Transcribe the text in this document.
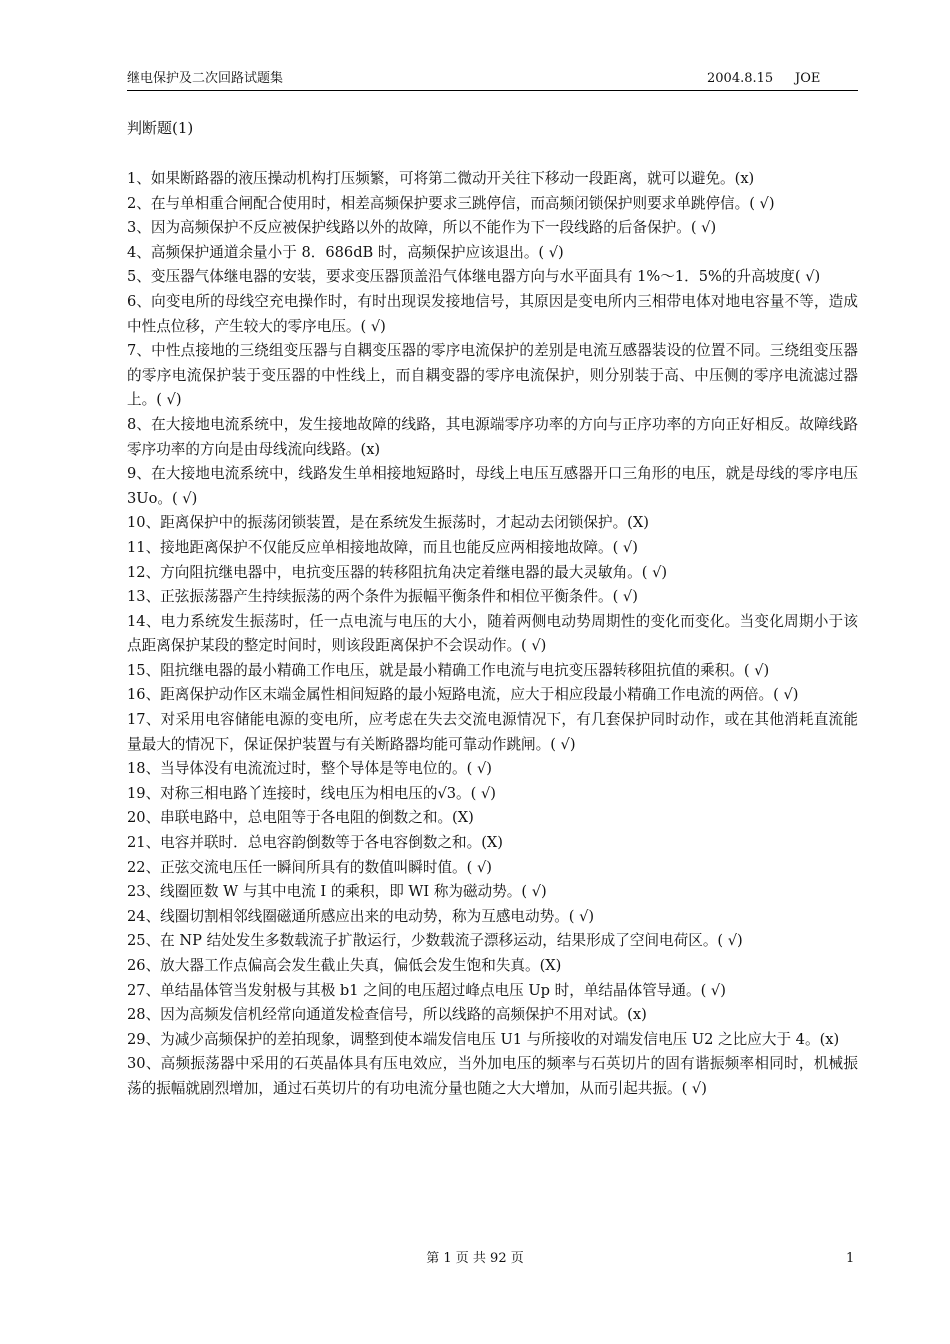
继电保护及二次回路试题集	2004.8.15 JOE
判断题(1)
1、如果断路器的液压操动机构打压频繁，可将第二微动开关往下移动一段距离，就可以避免。(x)
2、在与单相重合闸配合使用时，相差高频保护要求三跳停信，而高频闭锁保护则要求单跳停信。( √)
3、因为高频保护不反应被保护线路以外的故障，所以不能作为下一段线路的后备保护。( √)
4、高频保护通道余量小于 8．686dB 时，高频保护应该退出。( √)
5、变压器气体继电器的安装，要求变压器顶盖沿气体继电器方向与水平面具有 1%～1．5%的升高坡度( √)
6、向变电所的母线空充电操作时，有时出现误发接地信号，其原因是变电所内三相带电体对地电容量不等，造成中性点位移，产生较大的零序电压。( √)
7、中性点接地的三绕组变压器与自耦变压器的零序电流保护的差别是电流互感器装设的位置不同。三绕组变压器的零序电流保护装于变压器的中性线上，而自耦变器的零序电流保护，则分别装于高、中压侧的零序电流滤过器上。( √)
8、在大接地电流系统中，发生接地故障的线路，其电源端零序功率的方向与正序功率的方向正好相反。故障线路零序功率的方向是由母线流向线路。(x)
9、在大接地电流系统中，线路发生单相接地短路时，母线上电压互感器开口三角形的电压，就是母线的零序电压 3Uo。( √)
10、距离保护中的振荡闭锁装置，是在系统发生振荡时，才起动去闭锁保护。(X)
11、接地距离保护不仅能反应单相接地故障，而且也能反应两相接地故障。( √)
12、方向阻抗继电器中，电抗变压器的转移阻抗角决定着继电器的最大灵敏角。( √)
13、正弦振荡器产生持续振荡的两个条件为振幅平衡条件和相位平衡条件。( √)
14、电力系统发生振荡时，任一点电流与电压的大小，随着两侧电动势周期性的变化而变化。当变化周期小于该点距离保护某段的整定时间时，则该段距离保护不会误动作。( √)
15、阻抗继电器的最小精确工作电压，就是最小精确工作电流与电抗变压器转移阻抗值的乘积。( √)
16、距离保护动作区末端金属性相间短路的最小短路电流，应大于相应段最小精确工作电流的两倍。( √)
17、对采用电容储能电源的变电所，应考虑在失去交流电源情况下，有几套保护同时动作，或在其他消耗直流能量最大的情况下，保证保护装置与有关断路器均能可靠动作跳闸。( √)
18、当导体没有电流流过时，整个导体是等电位的。( √)
19、对称三相电路丫连接时，线电压为相电压的√3。( √)
20、串联电路中，总电阻等于各电阻的倒数之和。(X)
21、电容并联时．总电容韵倒数等于各电容倒数之和。(X)
22、正弦交流电压任一瞬间所具有的数值叫瞬时值。( √)
23、线圈匝数 W 与其中电流 I 的乘积，即 WI 称为磁动势。( √)
24、线圈切割相邻线圈磁通所感应出来的电动势，称为互感电动势。( √)
25、在 NP 结处发生多数载流子扩散运行，少数载流子漂移运动，结果形成了空间电荷区。( √)
26、放大器工作点偏高会发生截止失真，偏低会发生饱和失真。(X)
27、单结晶体管当发射极与其极 b1 之间的电压超过峰点电压 Up 时，单结晶体管导通。( √)
28、因为高频发信机经常向通道发检查信号，所以线路的高频保护不用对试。(x)
29、为减少高频保护的差拍现象，调整到使本端发信电压 U1 与所接收的对端发信电压 U2 之比应大于 4。(x)
30、高频振荡器中采用的石英晶体具有压电效应，当外加电压的频率与石英切片的固有谐振频率相同时，机械振荡的振幅就剧烈增加，通过石英切片的有功电流分量也随之大大增加，从而引起共振。( √)
第 1 页 共 92 页	1
